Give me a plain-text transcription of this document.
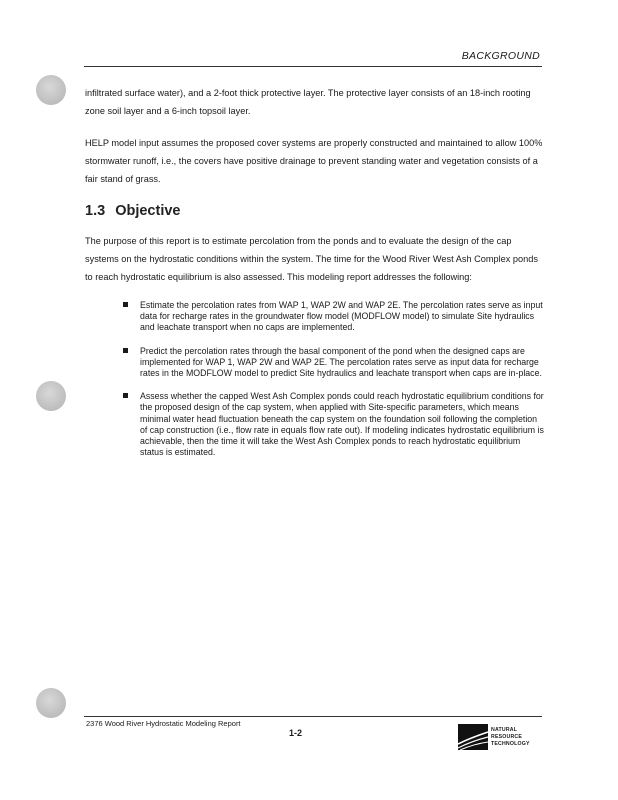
BACKGROUND

infiltrated surface water), and a 2-foot thick protective layer. The protective layer consists of an 18-inch rooting zone soil layer and a 6-inch topsoil layer.

HELP model input assumes the proposed cover systems are properly constructed and maintained to allow 100% stormwater runoff, i.e., the covers have positive drainage to prevent standing water and vegetation consists of a fair stand of grass.

1.3 Objective

The purpose of this report is to estimate percolation from the ponds and to evaluate the design of the cap systems on the hydrostatic conditions within the system. The time for the Wood River West Ash Complex ponds to reach hydrostatic equilibrium is also assessed. This modeling report addresses the following:

Estimate the percolation rates from WAP 1, WAP 2W and WAP 2E. The percolation rates serve as input data for recharge rates in the groundwater flow model (MODFLOW model) to simulate Site hydraulics and leachate transport when no caps are implemented.
Predict the percolation rates through the basal component of the pond when the designed caps are implemented for WAP 1, WAP 2W and WAP 2E. The percolation rates serve as input data for recharge rates in the MODFLOW model to predict Site hydraulics and leachate transport when caps are in-place.
Assess whether the capped West Ash Complex ponds could reach hydrostatic equilibrium conditions for the proposed design of the cap system, when applied with Site-specific parameters, which means minimal water head fluctuation beneath the cap system on the foundation soil following the completion of cap construction (i.e., flow rate in equals flow rate out). If modeling indicates hydrostatic equilibrium is achievable, then the time it will take the West Ash Complex ponds to reach hydrostatic equilibrium status is estimated.
2376 Wood River Hydrostatic Modeling Report
1-2	NATURAL
RESOURCE
TECHNOLOGY
